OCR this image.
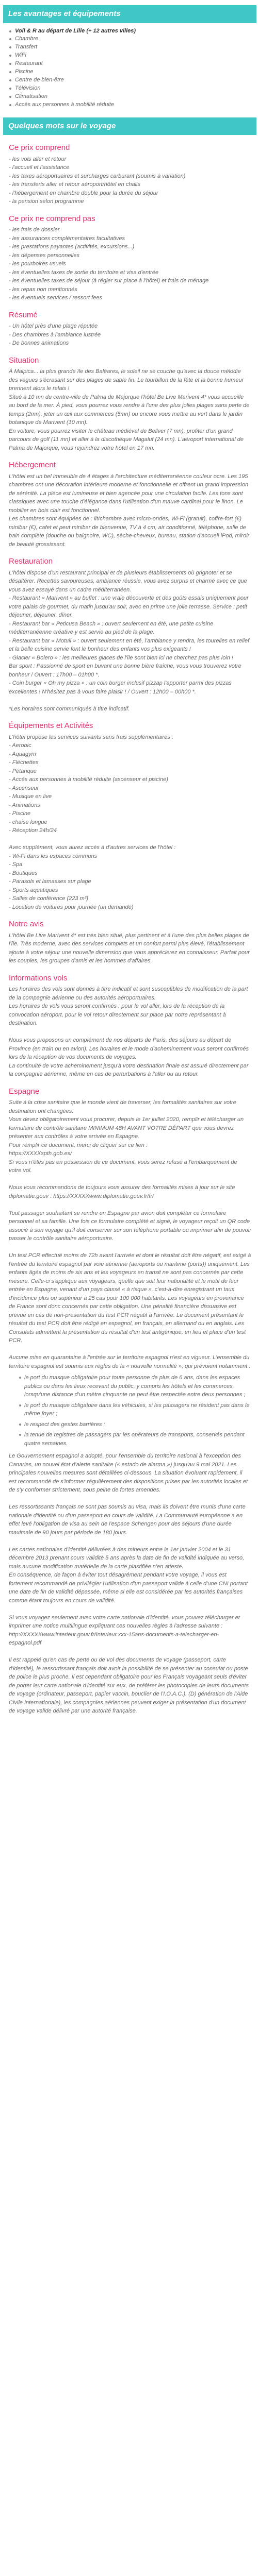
Les avantages et équipements
Voil & R au départ de Lille (+ 12 autres villes)
Chambre
Transfert
WiFi
Restaurant
Piscine
Centre de bien-être
Télévision
Climatisation
Accès aux personnes à mobilité réduite
Quelques mots sur le voyage
Ce prix comprend

- les vols aller et retour
- l'accueil et l'assistance
- les taxes aéroportuaires et surcharges carburant (soumis à variation)
- les transferts aller et retour aéroport/hôtel en chalis
- l'hébergement en chambre double pour la durée du séjour
- la pension selon programme

Ce prix ne comprend pas

- les frais de dossier
- les assurances complémentaires facultatives
- les prestations payantes (activités, excursions...)
- les dépenses personnelles
- les pourboires usuels
- les éventuelles taxes de sortie du territoire et visa d'entrée
- les éventuelles taxes de séjour (à régler sur place à l'hôtel) et frais de ménage
- les repas non mentionnés
- les éventuels services / ressort fees

Résumé

- Un hôtel près d'une plage réputée
- Des chambres à l'ambiance lustrée
- De bonnes animations

Situation

À Malpica... la plus grande île des Baléares, le soleil ne se couche qu'avec la douce mélodie des vagues s'écrasant sur des plages de sable fin. Le tourbillon de la fête et la bonne humeur prennent alors le relais !
Situé à 10 mn du centre-ville de Palma de Majorque l'hôtel Be Live Marivent 4* vous accueille au bord de la mer. À pied, vous pourrez vous rendre à l'une des plus jolies plages sans perte de temps (2mn), jeter un œil aux commerces (5mn) ou encore vous mettre au vert dans le jardin botanique de Marivent (10 mn).
En voiture, vous pourrez visiter le château médiéval de Bellver (7 mn), profiter d'un grand parcours de golf (11 mn) et aller à la discothèque Magaluf (24 mn). L'aéroport international de Palma de Majorque, vous rejoindrez votre hôtel en 17 mn.

Hébergement

L'hôtel est un bel immeuble de 4 étages à l'architecture méditerranéenne couleur ocre. Les 195 chambres ont une décoration intérieure moderne et fonctionnelle et offrent un grand impression de sérénité. La pièce est lumineuse et bien agencée pour une circulation facile. Les tons sont classiques avec une touche d'élégance dans l'utilisation d'un mauve cardinal pour le linon. Le mobilier en bois clair est fonctionnel.
Les chambres sont équipées de : lit/chambre avec micro-ondes, Wi-Fi (gratuit), coffre-fort (€) minibar (€), cafet et peut minibar de bienvenue, TV à 4 cm, air conditionné, téléphone, salle de bain complète (douche ou baignoire, WC), sèche-cheveux, bureau, station d'accueil iPod, miroir de beauté grossissant.

Restauration

L'hôtel dispose d'un restaurant principal et de plusieurs établissements où grignoter et se désaltérer. Recettes savoureuses, ambiance réussie, vous avez surpris et charmé avec ce que vous avez essayé dans un cadre méditerranéen.
- Restaurant « Marivent » au buffet : une vraie découverte et des goûts essais uniquement pour votre palais de gourmet, du matin jusqu'au soir, avec en prime une jolie terrasse. Service : petit déjeuner, déjeuner, dîner.
- Restaurant bar « Peticusa Beach » : ouvert seulement en été, une petite cuisine méditerranéenne créative y est servie au pied de la plage.
- Restaurant bar « Motuil » : ouvert seulement en été, l'ambiance y rendra, les tourelles en relief et la belle cuisine servie font le bonheur des enfants vos plus exigeants !
- Glacier « Bolero » : les meilleures glaces de l'île sont bien ici ne cherchez pas plus loin !
Bar sport : Passionné de sport en buvant une bonne bière fraîche, vous vous trouverez votre bonheur / Ouvert : 17h00 – 01h00 *.
- Coin burger « Oh my pizza » : un coin burger inclusif pizzap l'apporter parmi des pizzas excellentes ! N'hésitez pas à vous faire plaisir ! / Ouvert : 12h00 – 00h00 *.

*Les horaires sont communiqués à titre indicatif.

Équipements et Activités

L'hôtel propose les services suivants sans frais supplémentaires :
- Aerobic
- Aquagym
- Fléchettes
- Pétanque
- Accès aux personnes à mobilité réduite (ascenseur et piscine)
- Ascenseur
- Musique en live
- Animations
- Piscine
- chaise longue
- Réception 24h/24

Avec supplément, vous aurez accès à d'autres services de l'hôtel :
- Wi-Fi dans les espaces communs
- Spa
- Boutiques
- Parasols et lamasses sur plage
- Sports aquatiques
- Salles de conférence (223 m²)
- Location de voitures pour journée (un demandé)

Notre avis

L'hôtel Be Live Marivent 4* est très bien situé, plus pertinent et à l'une des plus belles plages de l'île. Très moderne, avec des services complets et un confort parmi plus élevé, l'établissement ajoute à votre séjour une nouvelle dimension que vous apprécierez en connaisseur. Parfait pour les couples, les groupes d'amis et les hommes d'affaires.

Informations vols

Les horaires des vols sont donnés à titre indicatif et sont susceptibles de modification de la part de la compagnie aérienne ou des autorités aéroportuaires.
Les horaires de vols vous seront confirmés : pour le vol aller, lors de la réception de la convocation aéroport, pour le vol retour directement sur place par notre représentant à destination.

Nous vous proposons un complément de nos départs de Paris, des séjours au départ de Province (en train ou en avion). Les horaires et le mode d'acheminement vous seront confirmés lors de la réception de vos documents de voyages.
La continuité de votre acheminement jusqu'à votre destination finale est assuré directement par la compagnie aérienne, même en cas de perturbations à l'aller ou au retour.

Espagne

Suite à la crise sanitaire que le monde vient de traverser, les formalités sanitaires sur votre destination ont changées.
Vous devez obligatoirement vous procurer, depuis le 1er juillet 2020, remplir et télécharger un formulaire de contrôle sanitaire MINIMUM 48H AVANT VOTRE DÉPART que vous devrez présenter aux contrôles à votre arrivée en Espagne.
Pour remplir ce document, merci de cliquer sur ce lien :
https://XXXXspth.gob.es/
Si vous n'êtes pas en possession de ce document, vous serez refusé à l'embarquement de votre vol.

Nous vous recommandons de toujours vous assurer des formalités mises à jour sur le site diplomatie.gouv : https://XXXXXwww.diplomatie.gouv.fr/fr/

Tout passager souhaitant se rendre en Espagne par avion doit compléter ce formulaire personnel et sa famille. Une fois ce formulaire complété et signé, le voyageur reçoit un QR code associé à son voyage qu'il doit conserver sur son téléphone portable ou imprimer afin de pouvoir passer le contrôle sanitaire aéroportuaire.

Un test PCR effectué moins de 72h avant l'arrivée et dont le résultat doit être négatif, est exigé à l'entrée du territoire espagnol par voie aérienne (aéroports ou maritime (ports)) uniquement. Les enfants âgés de moins de six ans et les voyageurs en transit ne sont pas concernés par cette mesure. Celle-ci s'applique aux voyageurs, quelle que soit leur nationalité et le motif de leur entrée en Espagne, venant d'un pays classé « à risque », c'est-à-dire enregistrant un taux d'incidence plus ou supérieur à 25 cas pour 100 000 habitants. Les voyageurs en provenance de France sont donc concernés par cette obligation. Une pénalité financière dissuasive est prévue en cas de non-présentation du test PCR négatif à l'arrivée. Le document présentant le résultat du test PCR doit être rédigé en espagnol, en français, en allemand ou en anglais. Les Consulats admettent la présentation du résultat d'un test antigénique, en lieu et place d'un test PCR.

Aucune mise en quarantaine à l'entrée sur le territoire espagnol n'est en vigueur. L'ensemble du territoire espagnol est soumis aux règles de la « nouvelle normalité », qui prévoient notamment :

le port du masque obligatoire pour toute personne de plus de 6 ans, dans les espaces publics ou dans les lieux recevant du public, y compris les hôtels et les commerces, lorsqu'une distance d'un mètre cinquante ne peut être respectée entre deux personnes ;
le port du masque obligatoire dans les véhicules, si les passagers ne résident pas dans le même foyer ;
le respect des gestes barrières ;
la tenue de registres de passagers par les opérateurs de transports, conservés pendant quatre semaines.

Le Gouvernement espagnol a adopté, pour l'ensemble du territoire national à l'exception des Canaries, un nouvel état d'alerte sanitaire (« estado de alarma ») jusqu'au 9 mai 2021. Les principales nouvelles mesures sont détaillées ci-dessous. La situation évoluant rapidement, il est recommandé de s'informer régulièrement des dispositions prises par les autorités locales et de s'y conformer strictement, sous peine de fortes amendes.

Les ressortissants français ne sont pas soumis au visa, mais ils doivent être munis d'une carte nationale d'identité ou d'un passeport en cours de validité. La Communauté européenne a en effet levé l'obligation de visa au sein de l'espace Schengen pour des séjours d'une durée maximale de 90 jours par période de 180 jours.

Les cartes nationales d'identité délivrées à des mineurs entre le 1er janvier 2004 et le 31 décembre 2013 prenant cours validité 5 ans après la date de fin de validité indiquée au verso, mais aucune modification matérielle de la carte plastifiée n'en atteste.
En conséquence, de façon à éviter tout désagrément pendant votre voyage, il vous est fortement recommandé de privilégier l'utilisation d'un passeport valide à celle d'une CNI portant une date de fin de validité dépassée, même si elle est considérée par les autorités françaises comme étant toujours en cours de validité.

Si vous voyagez seulement avec votre carte nationale d'identité, vous pouvez télécharger et imprimer une notice multilingue expliquant ces nouvelles règles à l'adresse suivante : http://XXXXXwww.interieur.gouv.fr/Interieur.xxx-15ans-documents-a-telecharger-en-espagnol.pdf

Il est rappelé qu'en cas de perte ou de vol des documents de voyage (passeport, carte d'identité), le ressortissant français doit avoir la possibilité de se présenter au consulat ou poste de police le plus proche. Il est cependant obligatoire pour les Français voyageant seuls d'éviter de porter leur carte nationale d'identité sur eux, de préférer les photocopies de leurs documents de voyage (ordinateur, passeport, papier vaccin, bouclier de l'I.O.A.C.). (D) génération de l'Aide Civile Internationale), les compagnies aériennes peuvent exiger la présentation d'un document de voyage valide délivré par une autorité française.
